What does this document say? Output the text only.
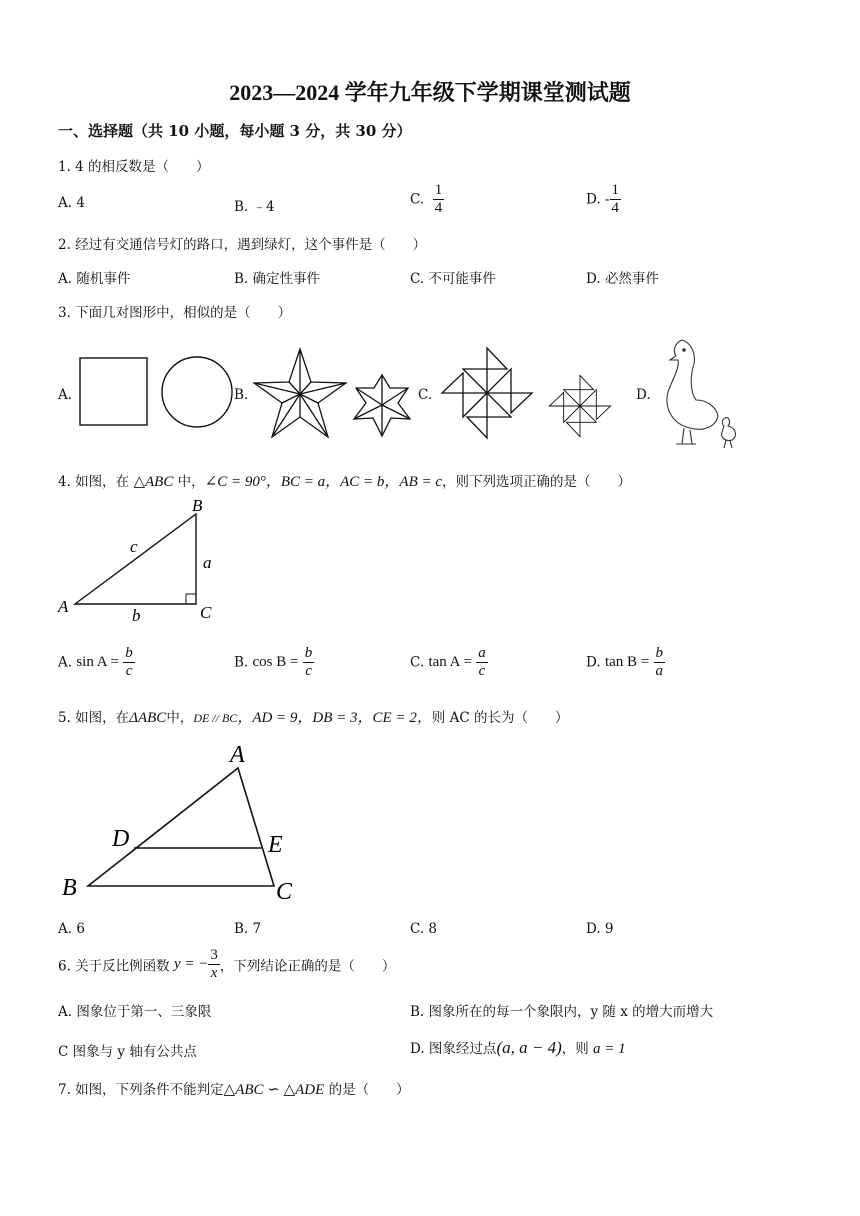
2023—2024 学年九年级下学期课堂测试题
一、选择题（共 10 小题，每小题 3 分，共 30 分）
1. 4 的相反数是（　　）
A. 4	B. ﹣4	C. $\frac{1}{4}$	D. - $\frac{1}{4}$
2. 经过有交通信号灯的路口，遇到绿灯，这个事件是（　　）
A. 随机事件	B. 确定性事件	C. 不可能事件	D. 必然事件
3. 下面几对图形中，相似的是（　　）
A.	B.	C.	D.
4. 如图，在 △ABC 中，∠C = 90°，BC = a，AC = b，AB = c，则下列选项正确的是（　　）
A
B
C
a
b
c
A. $\sin A = \frac{b}{c}$	B. $\cos B = \frac{b}{c}$	C. $\tan A = \frac{a}{c}$	D. $\tan B = \frac{b}{a}$
5. 如图，在ΔABC中，DE // BC，AD = 9，DB = 3，CE = 2，则 AC 的长为（　　）
A
B	C
D	E
A. 6	B. 7	C. 8	D. 9
6. 关于反比例函数 y = − $\frac{3}{x}$ ，下列结论正确的是（　　）
A. 图象位于第一、三象限	B. 图象所在的每一个象限内，y 随 x 的增大而增大
C 图象与 y 轴有公共点	D. 图象经过点(a, a − 4)，则 a = 1
7. 如图，下列条件不能判定△ABC ∽ △ADE 的是（　　）
